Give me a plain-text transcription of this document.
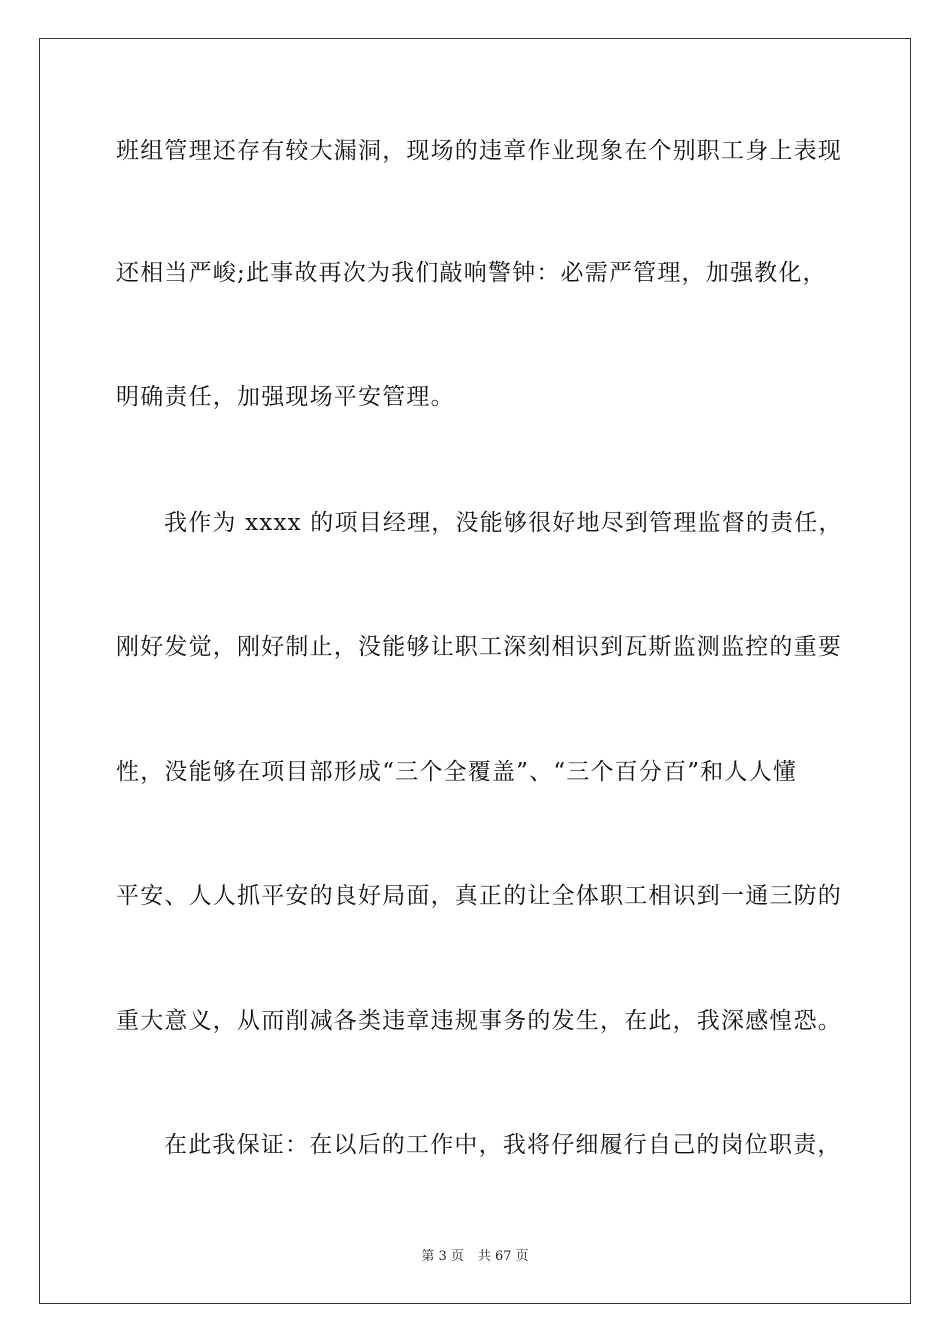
班组管理还存有较大漏洞，现场的违章作业现象在个别职工身上表现
还相当严峻;此事故再次为我们敲响警钟：必需严管理，加强教化，
明确责任，加强现场平安管理。
我作为 xxxx 的项目经理，没能够很好地尽到管理监督的责任，
刚好发觉，刚好制止，没能够让职工深刻相识到瓦斯监测监控的重要
性，没能够在项目部形成“三个全覆盖”、“三个百分百”和人人懂
平安、人人抓平安的良好局面，真正的让全体职工相识到一通三防的
重大意义，从而削减各类违章违规事务的发生，在此，我深感惶恐。
在此我保证：在以后的工作中，我将仔细履行自己的岗位职责，
第 3 页 共 67 页
